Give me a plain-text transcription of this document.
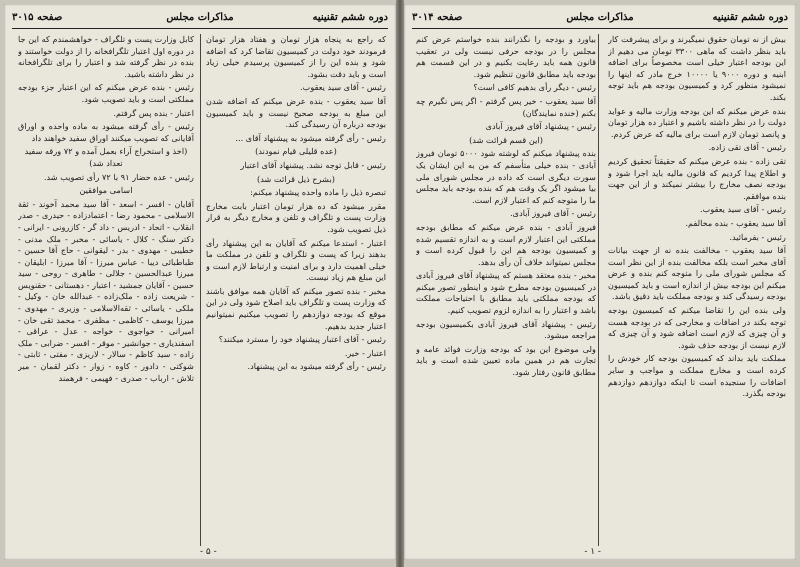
دوره ششم تقنینیه
مذاکرات مجلس
صفحه ۳۰۱۵

که راجع به پنجاه هزار تومان و هفتاد هزار تومان فرمودند خود دولت در کمیسیون تقاضا کرد که اضافه شود و بنده این را از کمیسیون پرسیدم خیلی زیاد است و باید دقت بشود.

رئیس - آقای سید یعقوب.

آقا سید یعقوب - بنده عرض میکنم که اضافه شدن این مبلغ به بودجه صحیح نیست و باید کمیسیون بودجه درباره آن رسیدگی کند.

رئیس - رأی گرفته میشود به پیشنهاد آقای ...

(عده قلیلی قیام نمودند)

رئیس - قابل توجه نشد. پیشنهاد آقای اعتبار

(بشرح ذیل قرائت شد)

تبصره ذیل را ماده واحده پیشنهاد میکنم:

مقرر میشود که ده هزار تومان اعتبار بابت مخارج وزارت پست و تلگراف و تلفن و مخارج دیگر به قرار ذیل تصویب شود.

اعتبار - استدعا میکنم که آقایان به این پیشنهاد رأی بدهند زیرا که پست و تلگراف و تلفن در مملکت ما خیلی اهمیت دارد و برای امنیت و ارتباط لازم است و این مبلغ هم زیاد نیست.

مخبر - بنده تصور میکنم که آقایان همه موافق باشند که وزارت پست و تلگراف باید اصلاح شود ولی در این موقع که بودجه دوازدهم را تصویب میکنیم نمیتوانیم اعتبار جدید بدهیم.

رئیس - آقای اعتبار پیشنهاد خود را مسترد میکنند؟

اعتبار - خیر.

رئیس - رأی گرفته میشود به این پیشنهاد.

کابل وزارت پست و تلگراف - خواهشمندم که این جا در دوره اول اعتبار تلگرافخانه را از دولت خواستند و بنده در نظر گرفته شد و اعتبار را برای تلگرافخانه در نظر داشته باشید.

رئیس - بنده عرض میکنم که این اعتبار جزء بودجه مملکتی است و باید تصویب شود.

اعتبار - بنده پس گرفتم.

رئیس - رأی گرفته میشود به ماده واحده و اوراق آقایانی که تصویب میکنند اوراق سفید خواهند داد

(اخذ و استخراج آراء بعمل آمده و ۷۲ ورقه سفید تعداد شد)

رئیس - عده حضار ۹۱ با ۷۲ رأی تصویب شد.

اسامی موافقین

آقایان - افسر - اسعد - آقا سید محمد آخوند - ثقة الاسلامی - محمود رضا - اعتمادزاده - حیدری - صدر انقلاب - اتحاد - ادریس - داد گر - کازرونی - ایرانی - دکتر سنگ - کلال - یاسائی - مخبر - ملک مدنی - خطیبی - مهدوی - بدر - لیقوانی - حاج آقا حسین - طباطبائی دیبا - عباس میرزا - آقا میرزا - ابلیقان - میرزا عبدالحسین - جلالی - طاهری - روحی - سید حسین - آقایان جمشید - اعتبار - دهستانی - حقنویس - شریعت زاده - ملک‌زاده - عبدالله خان - وکیل - ملکی - یاسائی - ثقه‌الاسلامی - وزیری - مهدوی - میرزا یوسف - کاظمی - مظفری - محمد تقی خان - امیرانی - خواجوی - خواجه - عدل - عراقی - اسفندیاری - جوانشیر - موقر - افسر - ضرابی - ملک زاده - سید کاظم - سالار - لاریزی - مفتی - ثابتی - شوکتی - دادور - کاوه - زوار - دکتر لقمان - میر تلاش - ارباب - صدری - فهیمی - فرهمند

- ۵ -
دوره ششم تقنینیه
مذاکرات مجلس
صفحه ۳۰۱۴

بیش از نه تومان حقوق نمیگیرند و برای پیشرفت کار باید بنظر داشت که ماهی ۳۳۰۰ تومان می دهیم از این بودجه اعتبار خیلی است مخصوصاً برای اضافه ابنیه و دوره ۹۰۰۰ یا ۱۰۰۰۰ خرج مادر که اینها را نمیشود منظور کرد و کمیسیون بودجه هم باید توجه بکند.

بنده عرض میکنم که این بودجه وزارت مالیه و عواید دولت را در نظر داشته باشیم و اعتبار ده هزار تومان و پانصد تومان لازم است برای مالیه که عرض کردم.

رئیس - آقای تقی زاده.

تقی زاده - بنده عرض میکنم که حقیقتاً تحقیق کردیم و اطلاع پیدا کردیم که قانون مالیه باید اجرا شود و بودجه نصف مخارج را بیشتر نمیکند و از این جهت بنده موافقم.

رئیس - آقای سید یعقوب.

آقا سید یعقوب - بنده مخالفم.

رئیس - بفرمائید.

آقا سید یعقوب - مخالفت بنده نه از جهت بیانات آقای مخبر است بلکه مخالفت بنده از این نظر است که مجلس شورای ملی را متوجه کنم بنده و عرض میکنم این بودجه بیش از اندازه است و باید کمیسیون بودجه رسیدگی کند و بودجه مملکت باید دقیق باشد.

ولی بنده این را تقاضا میکنم که کمیسیون بودجه توجه بکند در اضافات و مخارجی که در بودجه هست و آن چیزی که لازم است اضافه شود و آن چیزی که لازم نیست از بودجه حذف شود.

مملکت باید بداند که کمیسیون بودجه کار خودش را کرده است و مخارج مملکت و مواجب و سایر اضافات را سنجیده است تا اینکه دوازدهم دوازدهم بودجه بگذرد.

بیاورد و بودجه را نگذرانند بنده خواستم عرض کنم مجلس را در بودجه حرفی نیست ولی در تعقیب قانون همه باید رعایت بکنیم و در این قسمت هم بودجه باید مطابق قانون تنظیم شود.

رئیس - دیگر رأی بدهیم کافی است؟

آقا سید یعقوب - خیر پس گرفتم - اگر پس نگیرم چه بکنم (خنده نمایندگان)

رئیس - پیشنهاد آقای فیروز آبادی

(این قسم قرائت شد)

بنده پیشنهاد میکنم که لوشته شود ۵۰۰۰ تومان فیروز آبادی - بنده خیلی متأسفم که من به این ایشان یک سورت دیگری است که داده در مجلس شورای ملی بیا میشود اگر یک وقت هم که بنده بودجه باید مجلس ما را متوجه کنم که اعتبار لازم است.

رئیس - آقای فیروز آبادی.

فیروز آبادی - بنده عرض میکنم که مطابق بودجه مملکتی این اعتبار لازم است و به اندازه تقسیم شده و کمیسیون بودجه هم این را قبول کرده است و مجلس نمیتواند خلاف آن رأی بدهد.

مخبر - بنده معتقد هستم که پیشنهاد آقای فیروز آبادی در کمیسیون بودجه مطرح شود و اینطور تصور میکنم که بودجه مملکتی باید مطابق با احتیاجات مملکت باشد و اعتبار را به اندازه لزوم تصویب کنیم.

رئیس - پیشنهاد آقای فیروز آبادی بکمیسیون بودجه مراجعه میشود.

ولی موضوع این بود که بودجه وزارت فوائد عامه و تجارت هم در همین ماده تعیین شده است و باید مطابق قانون رفتار شود.

- ۱ -
